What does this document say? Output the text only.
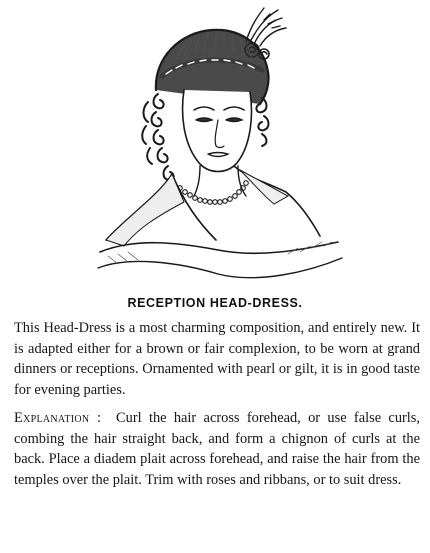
RECEPTION HEAD-DRESS.

This Head-Dress is a most charming composition, and entirely new. It is adapted either for a brown or fair complexion, to be worn at grand dinners or receptions. Ornamented with pearl or gilt, it is in good taste for evening parties.

Explanation : Curl the hair across forehead, or use false curls, combing the hair straight back, and form a chignon of curls at the back. Place a diadem plait across forehead, and raise the hair from the temples over the plait. Trim with roses and ribbans, or to suit dress.
